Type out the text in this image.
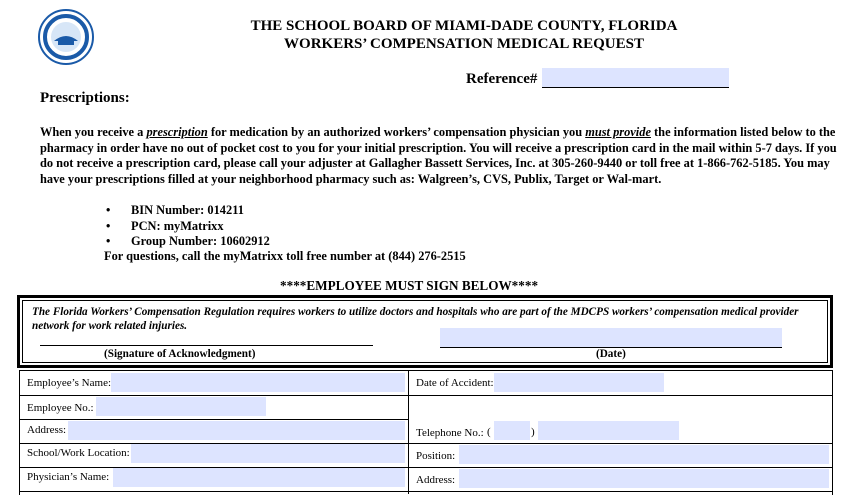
THE SCHOOL BOARD OF MIAMI-DADE COUNTY, FLORIDA
WORKERS’ COMPENSATION MEDICAL REQUEST
Reference#
Prescriptions:
When you receive a prescription for medication by an authorized workers’ compensation physician you must provide the information listed below to the pharmacy in order have no out of pocket cost to you for your initial prescription. You will receive a prescription card in the mail within 5-7 days. If you do not receive a prescription card, please call your adjuster at Gallagher Bassett Services, Inc. at 305-260-9440 or toll free at 1-866-762-5185. You may have your prescriptions filled at your neighborhood pharmacy such as: Walgreen’s, CVS, Publix, Target or Wal-mart.
• BIN Number: 014211
• PCN: myMatrixx
• Group Number: 10602912
For questions, call the myMatrixx toll free number at (844) 276-2515
****EMPLOYEE MUST SIGN BELOW****
The Florida Workers’ Compensation Regulation requires workers to utilize doctors and hospitals who are part of the MDCPS workers’ compensation medical provider network for work related injuries.
(Signature of Acknowledgment)	(Date)
Employee’s Name:
Employee No.:
Address:
School/Work Location:
Physician’s Name:
Date of Accident:
Telephone No.: (	)
Position:
Address:
